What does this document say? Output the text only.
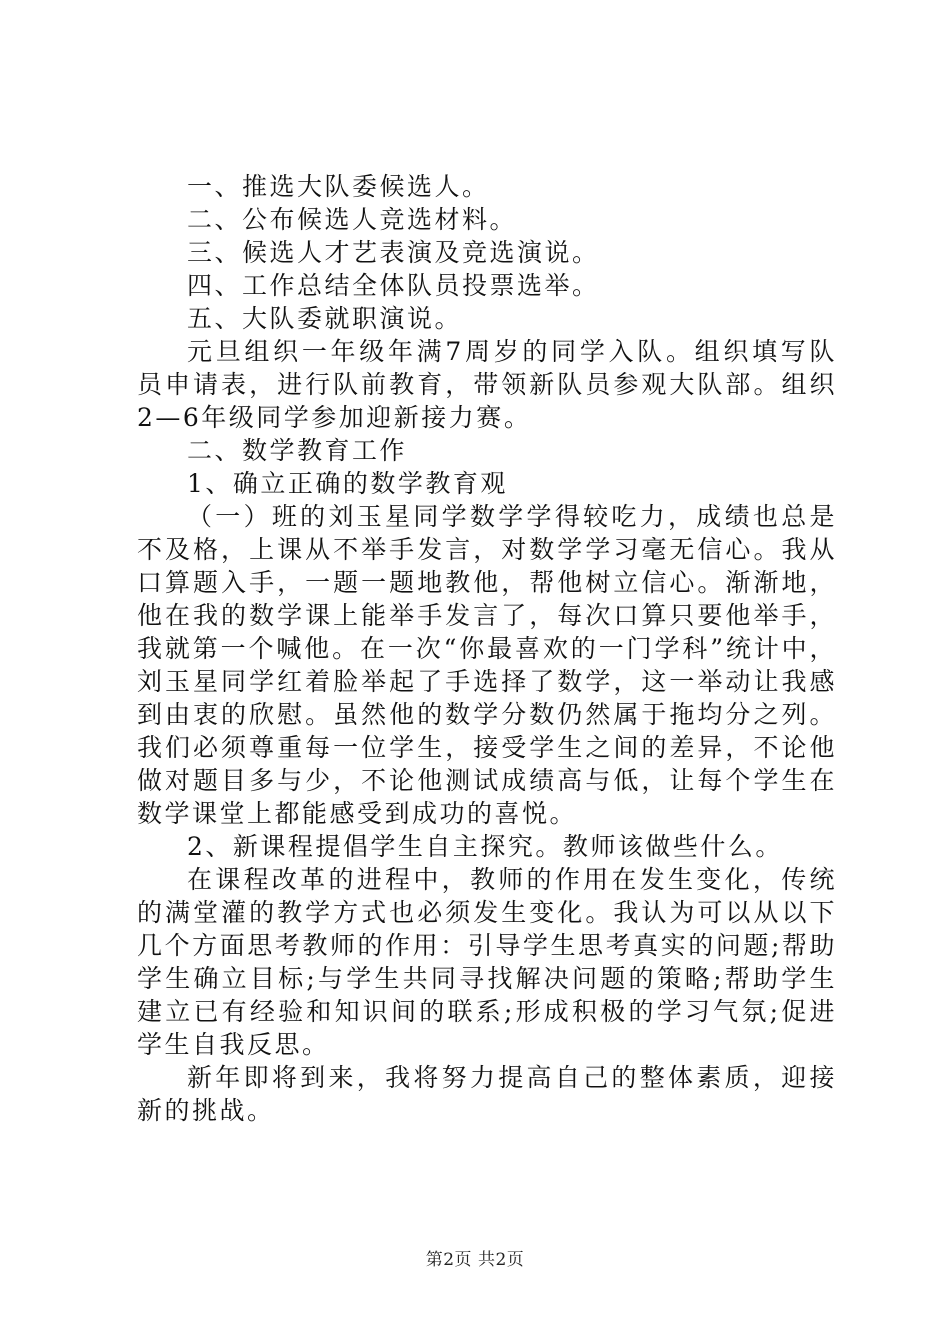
一、推选大队委候选人。

二、公布候选人竞选材料。

三、候选人才艺表演及竞选演说。

四、工作总结全体队员投票选举。

五、大队委就职演说。

元旦组织一年级年满7周岁的同学入队。组织填写队员申请表，进行队前教育，带领新队员参观大队部。组织2—6年级同学参加迎新接力赛。

二、数学教育工作

1、确立正确的数学教育观

（一）班的刘玉星同学数学学得较吃力，成绩也总是不及格，上课从不举手发言，对数学学习毫无信心。我从口算题入手，一题一题地教他，帮他树立信心。渐渐地，他在我的数学课上能举手发言了，每次口算只要他举手，我就第一个喊他。在一次“你最喜欢的一门学科”统计中，刘玉星同学红着脸举起了手选择了数学，这一举动让我感到由衷的欣慰。虽然他的数学分数仍然属于拖均分之列。我们必须尊重每一位学生，接受学生之间的差异，不论他做对题目多与少，不论他测试成绩高与低，让每个学生在数学课堂上都能感受到成功的喜悦。

2、新课程提倡学生自主探究。教师该做些什么。

在课程改革的进程中，教师的作用在发生变化，传统的满堂灌的教学方式也必须发生变化。我认为可以从以下几个方面思考教师的作用：引导学生思考真实的问题;帮助学生确立目标;与学生共同寻找解决问题的策略;帮助学生建立已有经验和知识间的联系;形成积极的学习气氛;促进学生自我反思。

新年即将到来，我将努力提高自己的整体素质，迎接新的挑战。

第2页 共2页
